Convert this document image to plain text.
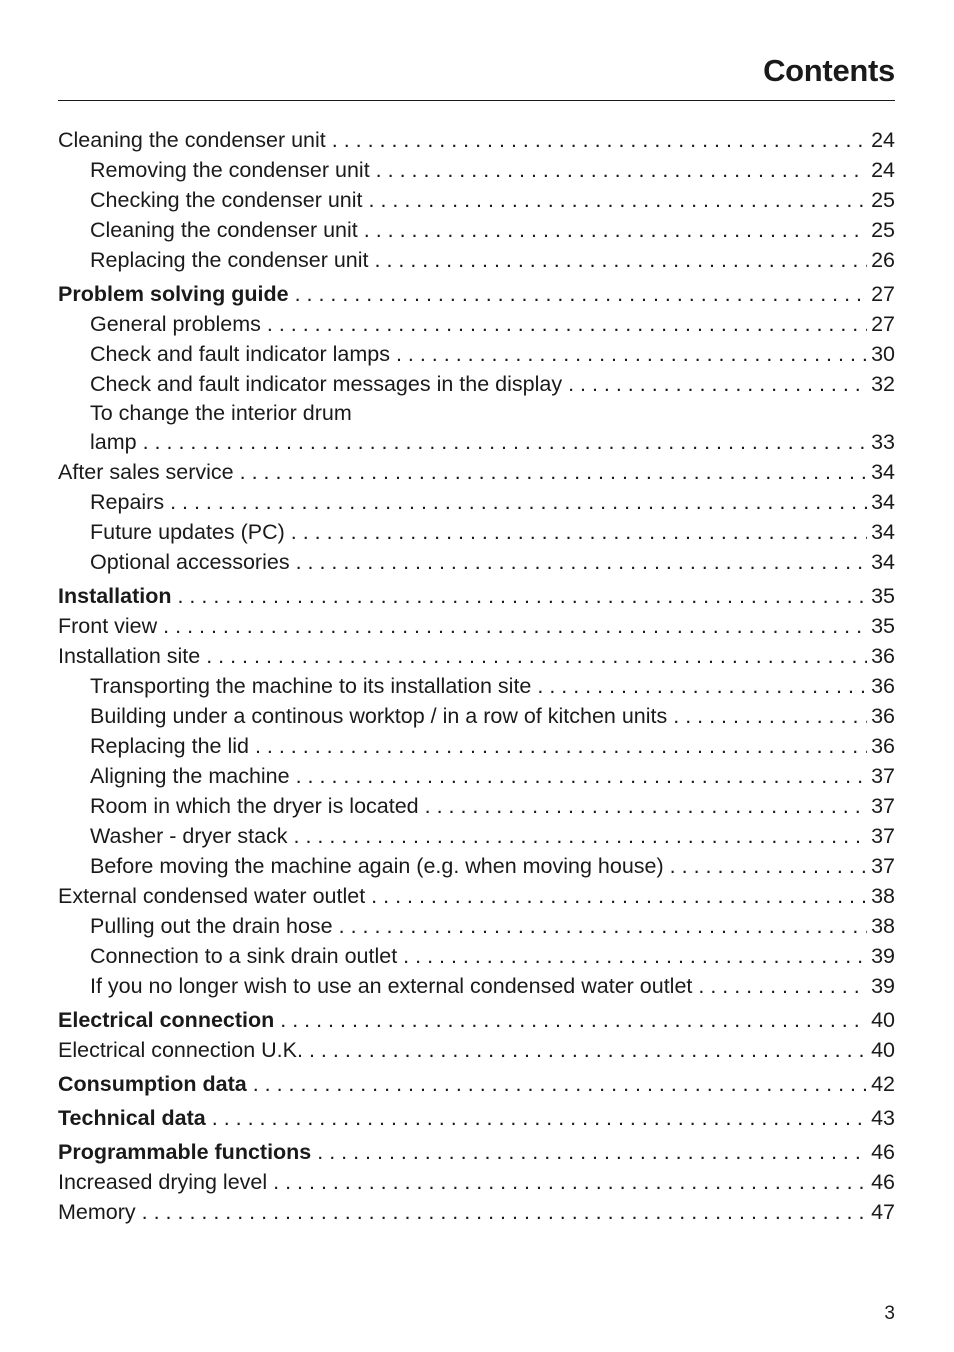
Contents
Cleaning the condenser unit . . .	24
Removing the condenser unit . . .	24
Checking the condenser unit . . .	25
Cleaning the condenser unit . . .	25
Replacing the condenser unit . . .	26
Problem solving guide . . .	27
General problems . . .	27
Check and fault indicator lamps . . .	30
Check and fault indicator messages in the display . . .	32
To change the interior drum
lamp . . .	33
After sales service . . .	34
Repairs . . .	34
Future updates (PC) . . .	34
Optional accessories . . .	34
Installation . . .	35
Front view . . .	35
Installation site . . .	36
Transporting the machine to its installation site . . .	36
Building under a continous worktop / in a row of kitchen units . . .	36
Replacing the lid . . .	36
Aligning the machine . . .	37
Room in which the dryer is located . . .	37
Washer - dryer stack . . .	37
Before moving the machine again (e.g. when moving house) . . .	37
External condensed water outlet . . .	38
Pulling out the drain hose . . .	38
Connection to a sink drain outlet . . .	39
If you no longer wish to use an external condensed water outlet . . .	39
Electrical connection . . .	40
Electrical connection U.K. . . .	40
Consumption data . . .	42
Technical data . . .	43
Programmable functions . . .	46
Increased drying level . . .	46
Memory . . .	47
3
